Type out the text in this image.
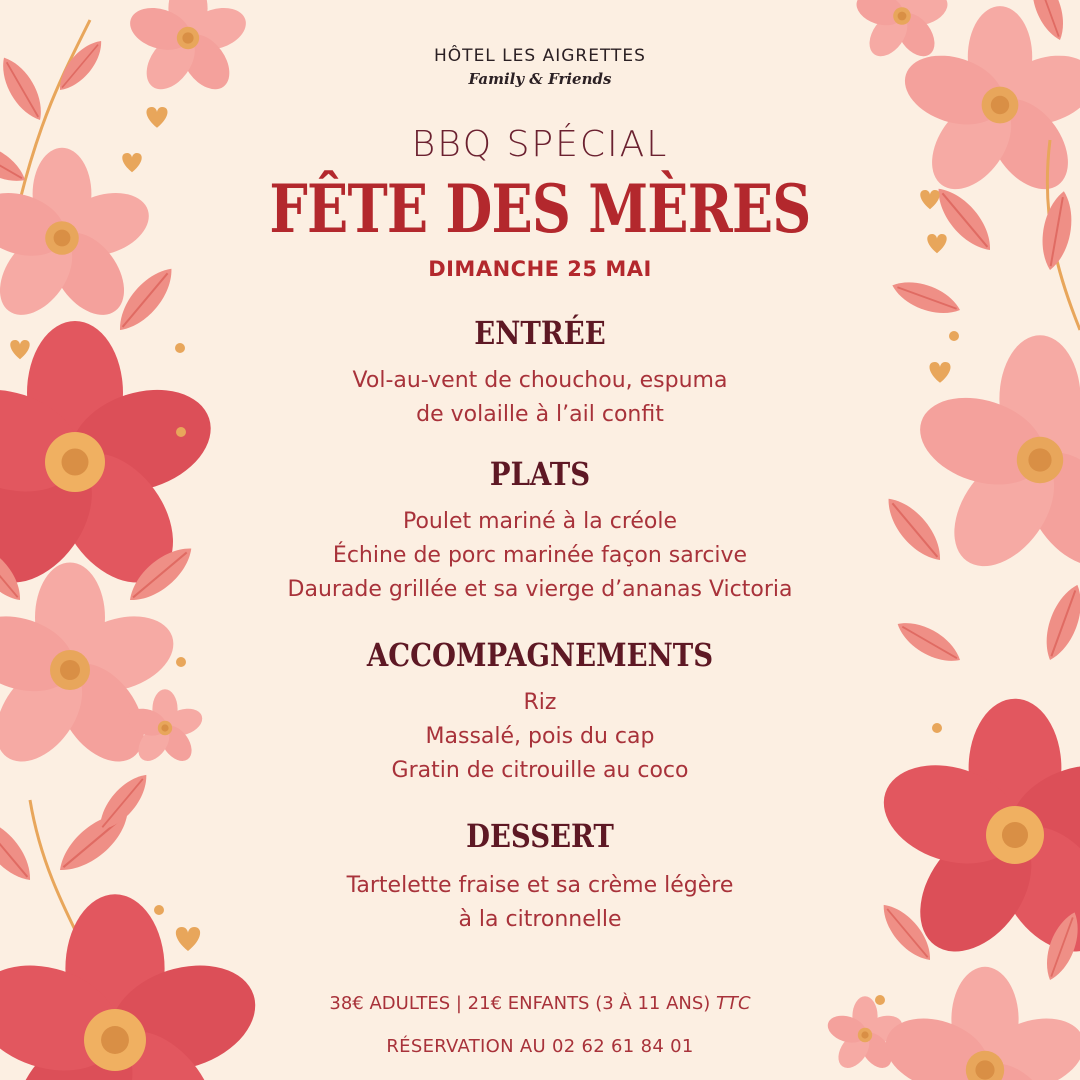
HÔTEL LES AIGRETTES
Family & Friends
BBQ SPÉCIAL
FÊTE DES MÈRES
DIMANCHE 25 MAI
ENTRÉE
Vol-au-vent de chouchou, espuma
de volaille à l’ail confit
PLATS
Poulet mariné à la créole
Échine de porc marinée façon sarcive
Daurade grillée et sa vierge d’ananas Victoria
ACCOMPAGNEMENTS
Riz
Massalé, pois du cap
Gratin de citrouille au coco
DESSERT
Tartelette fraise et sa crème légère
à la citronnelle
38€ ADULTES | 21€ ENFANTS (3 À 11 ANS) TTC
RÉSERVATION AU 02 62 61 84 01
